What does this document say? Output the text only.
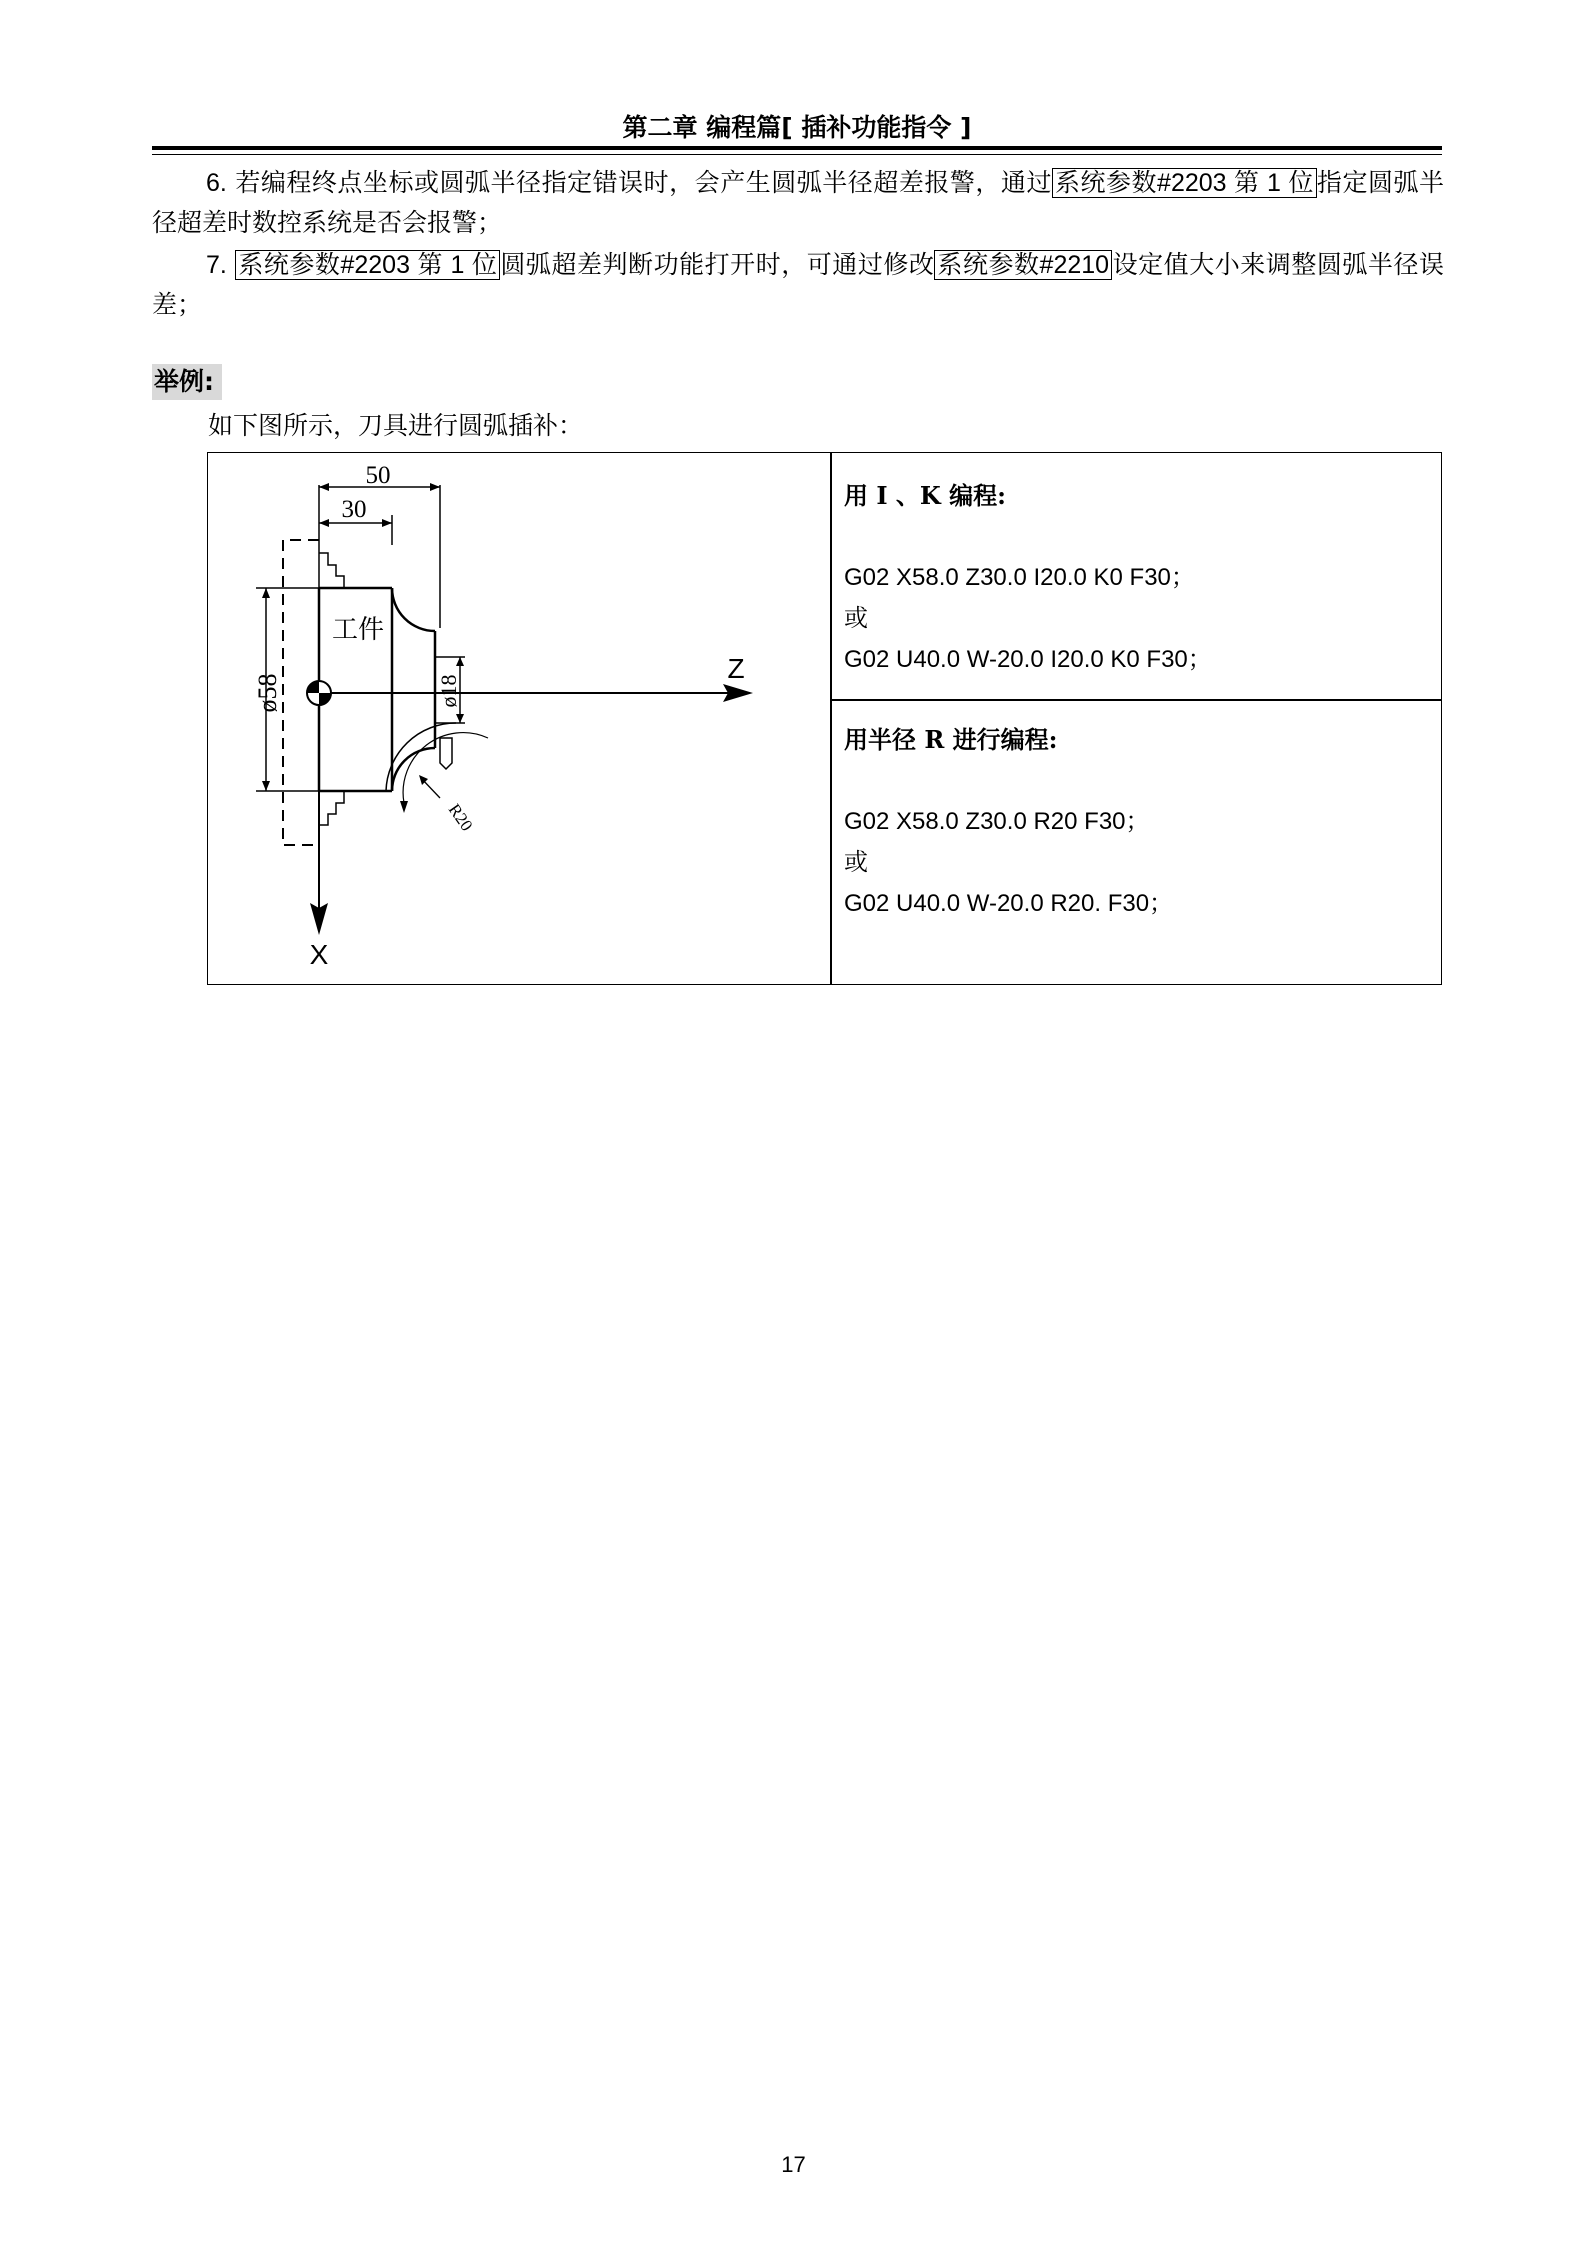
第二章 编程篇[ 插补功能指令 ]
6. 若编程终点坐标或圆弧半径指定错误时，会产生圆弧半径超差报警，通过 系统参数#2203 第 1 位 指定圆弧半径超差时数控系统是否会报警；
7. 系统参数#2203 第 1 位 圆弧超差判断功能打开时，可通过修改 系统参数#2210 设定值大小来调整圆弧半径误差；
举例:
如下图所示，刀具进行圆弧插补：
50
30
工件
ø58	ø18
Z
X
R20
用 I 、K 编程:
G02 X58.0 Z30.0 I20.0 K0 F30；
或
G02 U40.0 W-20.0 I20.0 K0 F30；
用半径 R 进行编程:
G02 X58.0 Z30.0 R20 F30；
或
G02 U40.0 W-20.0 R20. F30；
17
